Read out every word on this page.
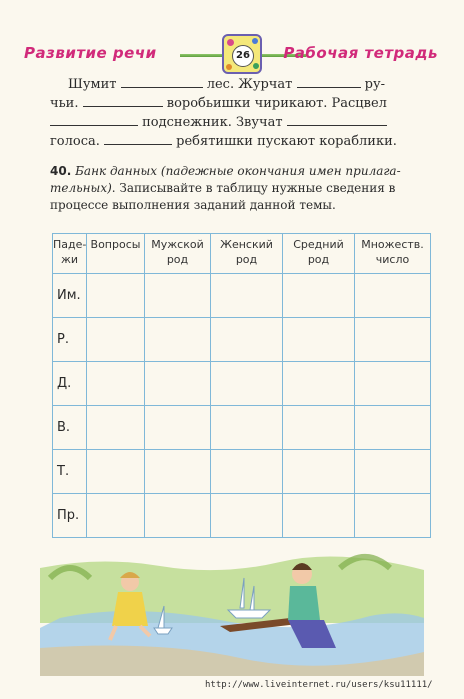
Развитие речи	26 Рабочая тетрадь

Шумит	лес. Журчат	ру-

чьи.	воробьишки чирикают. Расцвел

подснежник. Звучат

голоса.	ребятишки пускают кораблики.

40. Банк данных (падежные окончания имен прилага-тельных). Записывайте в таблицу нужные сведения в процессе выполнения заданий данной темы.
Паде-жи	Вопросы	Мужской род	Женский род	Средний род	Множеств. число
Им.					
Р.					
Д.					
В.					
Т.					
Пр.					
http://www.liveinternet.ru/users/ksu11111/
